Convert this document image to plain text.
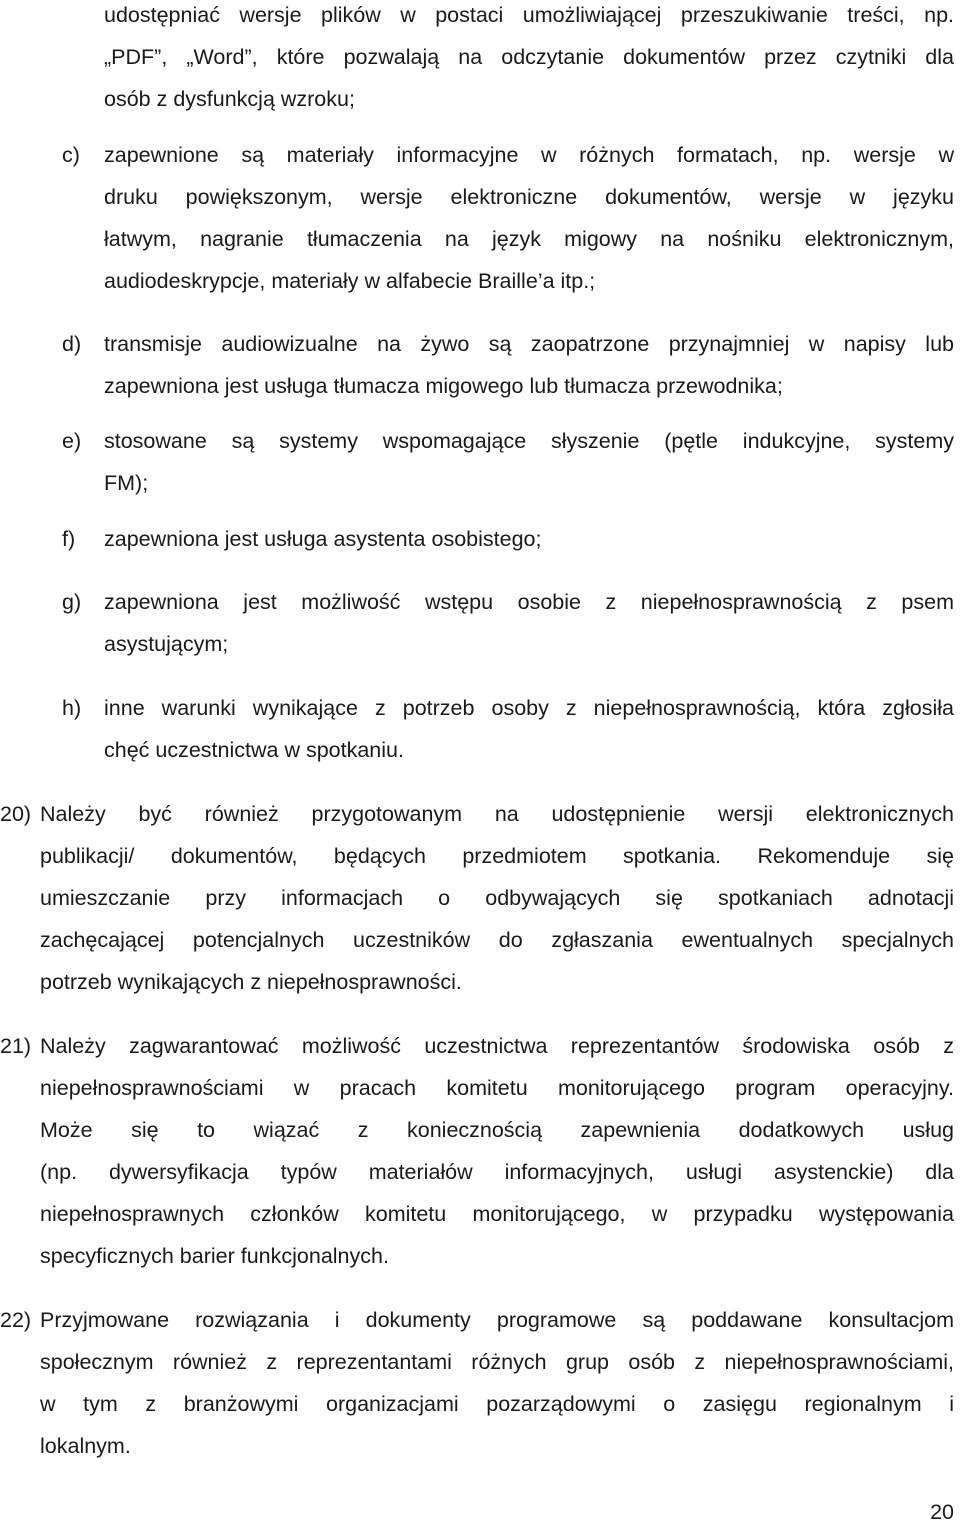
udostępniać wersje plików w postaci umożliwiającej przeszukiwanie treści, np.
„PDF”, „Word”, które pozwalają na odczytanie dokumentów przez czytniki dla
osób z dysfunkcją wzroku;
c) zapewnione są materiały informacyjne w różnych formatach, np. wersje w
druku powiększonym, wersje elektroniczne dokumentów, wersje w języku
łatwym, nagranie tłumaczenia na język migowy na nośniku elektronicznym,
audiodeskrypcje, materiały w alfabecie Braille’a itp.;
d) transmisje audiowizualne na żywo są zaopatrzone przynajmniej w napisy lub
zapewniona jest usługa tłumacza migowego lub tłumacza przewodnika;
e) stosowane są systemy wspomagające słyszenie (pętle indukcyjne, systemy
FM);
f) zapewniona jest usługa asystenta osobistego;
g) zapewniona jest możliwość wstępu osobie z niepełnosprawnością z psem
asystującym;
h) inne warunki wynikające z potrzeb osoby z niepełnosprawnością, która zgłosiła
chęć uczestnictwa w spotkaniu.
20) Należy być również przygotowanym na udostępnienie wersji elektronicznych
publikacji/ dokumentów, będących przedmiotem spotkania. Rekomenduje się
umieszczanie przy informacjach o odbywających się spotkaniach adnotacji
zachęcającej potencjalnych uczestników do zgłaszania ewentualnych specjalnych
potrzeb wynikających z niepełnosprawności.
21) Należy zagwarantować możliwość uczestnictwa reprezentantów środowiska osób z
niepełnosprawnościami w pracach komitetu monitorującego program operacyjny.
Może się to wiązać z koniecznością zapewnienia dodatkowych usług
(np. dywersyfikacja typów materiałów informacyjnych, usługi asystenckie) dla
niepełnosprawnych członków komitetu monitorującego, w przypadku występowania
specyficznych barier funkcjonalnych.
22) Przyjmowane rozwiązania i dokumenty programowe są poddawane konsultacjom
społecznym również z reprezentantami różnych grup osób z niepełnosprawnościami,
w tym z branżowymi organizacjami pozarządowymi o zasięgu regionalnym i
lokalnym.
20
